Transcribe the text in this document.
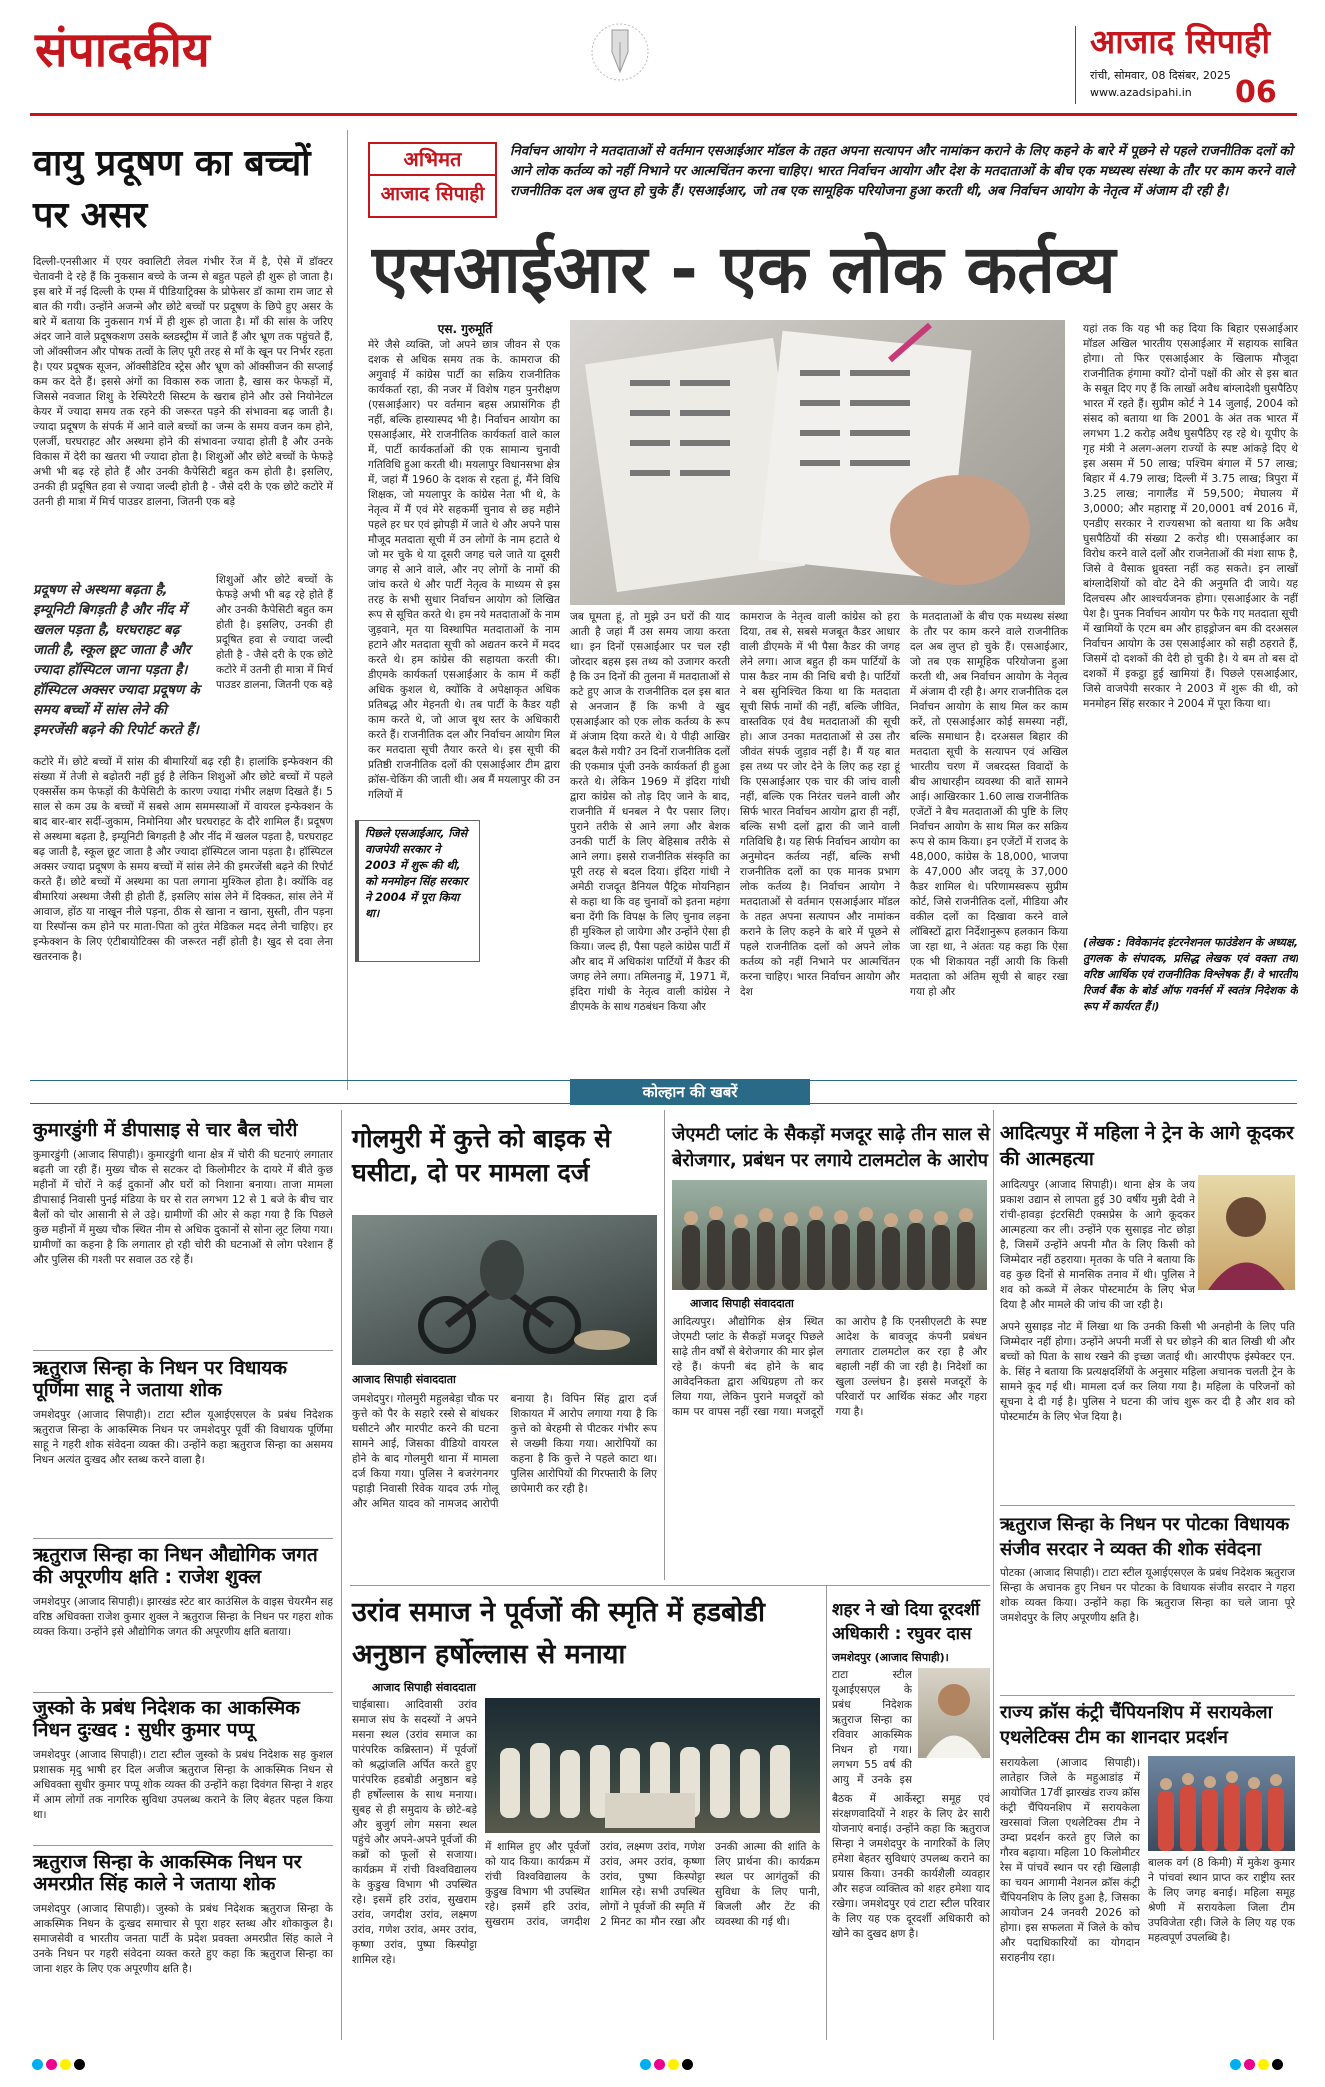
संपादकीय	आजाद सिपाही
रांची, सोमवार, 08 दिसंबर, 2025
www.azadsipahi.in 06
वायु प्रदूषण का बच्चों पर असर
दिल्ली-एनसीआर में एयर क्वालिटी लेवल गंभीर रेंज में है, ऐसे में डॉक्टर चेतावनी दे रहे हैं कि नुकसान बच्चे के जन्म से बहुत पहले ही शुरू हो जाता है। इस बारे में नई दिल्ली के एम्स में पीडियाट्रिक्स के प्रोफेसर डॉ कामा राम जाट से बात की गयी। उन्होंने अजन्मे और छोटे बच्चों पर प्रदूषण के छिपे हुए असर के बारे में बताया कि नुकसान गर्भ में ही शुरू हो जाता है। माँ की सांस के जरिए अंदर जाने वाले प्रदूषकशण उसके ब्लडस्ट्रीम में जाते हैं और भ्रूण तक पहुंचते हैं, जो ऑक्सीजन और पोषक तत्वों के लिए पूरी तरह से माँ के खून पर निर्भर रहता है। एयर प्रदूषक सूजन, ऑक्सीडेटिव स्ट्रेस और भ्रूण को ऑक्सीजन की सप्लाई कम कर देते हैं। इससे अंगों का विकास रुक जाता है, खास कर फेफड़ों में, जिससे नवजात शिशु के रेस्पिरेटरी सिस्टम के खराब होने और उसे नियोनेटल केयर में ज्यादा समय तक रहने की जरूरत पड़ने की संभावना बढ़ जाती है। ज्यादा प्रदूषण के संपर्क में आने वाले बच्चों का जन्म के समय वजन कम होने, एलर्जी, घरघराहट और अस्थमा होने की संभावना ज्यादा होती है और उनके विकास में देरी का खतरा भी ज्यादा होता है। शिशुओं और छोटे बच्चों के फेफड़े अभी भी बढ़ रहे होते हैं और उनकी कैपेसिटी बहुत कम होती है। इसलिए, उनकी ही प्रदूषित हवा से ज्यादा जल्दी होती है - जैसे दरी के एक छोटे कटोरे में उतनी ही मात्रा में मिर्च पाउडर डालना, जितनी एक बड़े
शिशुओं और छोटे बच्चों के फेफड़े अभी भी बढ़ रहे होते हैं और उनकी कैपेसिटी बहुत कम होती है। इसलिए, उनकी ही प्रदूषित हवा से ज्यादा जल्दी होती है - जैसे दरी के एक छोटे कटोरे में उतनी ही मात्रा में मिर्च पाउडर डालना, जितनी एक बड़े
प्रदूषण से अस्थमा बढ़ता है, इम्यूनिटी बिगड़ती है और नींद में खलल पड़ता है, घरघराहट बढ़ जाती है, स्कूल छूट जाता है और ज्यादा हॉस्पिटल जाना पड़ता है। हॉस्पिटल अक्सर ज्यादा प्रदूषण के समय बच्चों में सांस लेने की इमरजेंसी बढ़ने की रिपोर्ट करते हैं।
कटोरे में। छोटे बच्चों में सांस की बीमारियों बढ़ रही है। हालांकि इन्फेक्शन की संख्या में तेजी से बढ़ोतरी नहीं हुई है लेकिन शिशुओं और छोटे बच्चों में पहले एक्सर्सेस कम फेफड़ों की कैपेसिटी के कारण ज्यादा गंभीर लक्षण दिखते हैं। 5 साल से कम उम्र के बच्चों में सबसे आम सममस्याओं में वायरल इन्फेक्शन के बाद बार-बार सर्दी-जुकाम, निमोनिया और घरघराहट के दौरे शामिल हैं। प्रदूषण से अस्थमा बढ़ता है, इम्यूनिटी बिगड़ती है और नींद में खलल पड़ता है, घरघराहट बढ़ जाती है, स्कूल छूट जाता है और ज्यादा हॉस्पिटल जाना पड़ता है। हॉस्पिटल अक्सर ज्यादा प्रदूषण के समय बच्चों में सांस लेने की इमरजेंसी बढ़ने की रिपोर्ट करते हैं। छोटे बच्चों में अस्थमा का पता लगाना मुश्किल होता है। क्योंकि वह बीमारियां अस्थमा जैसी ही होती हैं, इसलिए सांस लेने में दिक्कत, सांस लेने में आवाज, होंठ या नाखून नीले पड़ना, ठीक से खाना न खाना, सुस्ती, तीन पड़ना या रिस्पॉन्स कम होने पर माता-पिता को तुरंत मेडिकल मदद लेनी चाहिए। हर इन्फेक्शन के लिए एंटीबायोटिक्स की जरूरत नहीं होती है। खुद से दवा लेना खतरनाक है।
अभिमत
आजाद सिपाही
निर्वाचन आयोग ने मतदाताओं से वर्तमान एसआईआर मॉडल के तहत अपना सत्यापन और नामांकन कराने के लिए कहने के बारे में पूछने से पहले राजनीतिक दलों को आने लोक कर्तव्य को नहीं निभाने पर आत्मचिंतन करना चाहिए। भारत निर्वाचन आयोग और देश के मतदाताओं के बीच एक मध्यस्थ संस्था के तौर पर काम करने वाले राजनीतिक दल अब लुप्त हो चुके हैं। एसआईआर, जो तब एक सामूहिक परियोजना हुआ करती थी, अब निर्वाचन आयोग के नेतृत्व में अंजाम दी रही है।
एसआईआर - एक लोक कर्तव्य
एस. गुरुमूर्ति
मेरे जैसे व्यक्ति, जो अपने छात्र जीवन से एक दशक से अधिक समय तक के. कामराज की अगुवाई में कांग्रेस पार्टी का सक्रिय राजनीतिक कार्यकर्ता रहा, की नजर में विशेष गहन पुनरीक्षण (एसआईआर) पर वर्तमान बहस अप्रासंगिक ही नहीं, बल्कि हास्यास्पद भी है। निर्वाचन आयोग का एसआईआर, मेरे राजनीतिक कार्यकर्ता वाले काल में, पार्टी कार्यकर्ताओं की एक सामान्य चुनावी गतिविधि हुआ करती थी। मयलापुर विधानसभा क्षेत्र में, जहां मैं 1960 के दशक से रहता हूं, मैंने विधि शिक्षक, जो मयलापुर के कांग्रेस नेता भी थे, के नेतृत्व में मैं एवं मेरे सहकर्मी चुनाव से छह महीने पहले हर घर एवं झोपड़ी में जाते थे और अपने पास मौजूद मतदाता सूची में उन लोगों के नाम हटाते थे जो मर चुके थे या दूसरी जगह चले जाते या दूसरी जगह से आने वाले, और नए लोगों के नामों की जांच करते थे और पार्टी नेतृत्व के माध्यम से इस तरह के सभी सुधार निर्वाचन आयोग को लिखित रूप से सूचित करते थे। हम नये मतदाताओं के नाम जुड़वाने, मृत या विस्थापित मतदाताओं के नाम हटाने और मतदाता सूची को अद्यतन करने में मदद करते थे। हम कांग्रेस की सहायता करती की। डीएमके कार्यकर्ता एसआईआर के काम में कहीं अधिक कुशल थे, क्योंकि वे अपेक्षाकृत अधिक प्रतिबद्ध और मेहनती थे। तब पार्टी के कैडर यही काम करते थे, जो आज बूथ स्तर के अधिकारी करते हैं। राजनीतिक दल और निर्वाचन आयोग मिल कर मतदाता सूची तैयार करते थे। इस सूची की प्रतिष्ठी राजनीतिक दलों की एसआईआर टीम द्वारा क्रॉस-चेकिंग की जाती थी। अब मैं मयलापुर की उन गलियों में
जब घूमता हूं, तो मुझे उन घरों की याद आती है जहां मैं उस समय जाया करता था। इन दिनों एसआईआर पर चल रही जोरदार बहस इस तथ्य को उजागर करती है कि उन दिनों की तुलना में मतदाताओं से कटे हुए आज के राजनीतिक दल इस बात से अनजान हैं कि कभी वे खुद एसआईआर को एक लोक कर्तव्य के रूप में अंजाम दिया करते थे। ये पीढ़ी आखिर बदल कैसे गयी? उन दिनों राजनीतिक दलों की एकमात्र पूंजी उनके कार्यकर्ता ही हुआ करते थे। लेकिन 1969 में इंदिरा गांधी द्वारा कांग्रेस को तोड़ दिए जाने के बाद, राजनीति में धनबल ने पैर पसार लिए। पुराने तरीके से आने लगा और बेशक उनकी पार्टी के लिए बेहिसाब तरीके से आने लगा। इससे राजनीतिक संस्कृति का पूरी तरह से बदल दिया। इंदिरा गांधी ने अमेठी राजदूत डैनियल पैट्रिक मोयनिहान से कहा था कि वह चुनावों को इतना महंगा बना देंगी कि विपक्ष के लिए चुनाव लड़ना ही मुश्किल हो जायेगा और उन्होंने ऐसा ही किया। जल्द ही, पैसा पहले कांग्रेस पार्टी में और बाद में अधिकांश पार्टियों में कैडर की जगह लेने लगा। तमिलनाडु में, 1971 में, इंदिरा गांधी के नेतृत्व वाली कांग्रेस ने डीएमके के साथ गठबंधन किया और
कामराज के नेतृत्व वाली कांग्रेस को हरा दिया, तब से, सबसे मजबूत कैडर आधार वाली डीएमके में भी पैसा कैडर की जगह लेने लगा। आज बहुत ही कम पार्टियों के पास कैडर नाम की निधि बची है। पार्टियों ने बस सुनिश्चित किया था कि मतदाता सूची सिर्फ नामों की नहीं, बल्कि जीवित, वास्तविक एवं वैध मतदाताओं की सूची हो। आज उनका मतदाताओं से उस तौर जीवंत संपर्क जुड़ाव नहीं है। मैं यह बात इस तथ्य पर जोर देने के लिए कह रहा हूं कि एसआईआर एक चार की जांच वाली नहीं, बल्कि एक निरंतर चलने वाली और सिर्फ भारत निर्वाचन आयोग द्वारा ही नहीं, बल्कि सभी दलों द्वारा की जाने वाली गतिविधि है। यह सिर्फ निर्वाचन आयोग का अनुमोदन कर्तव्य नहीं, बल्कि सभी राजनीतिक दलों का एक मानक प्रभाग लोक कर्तव्य है। निर्वाचन आयोग ने मतदाताओं से वर्तमान एसआईआर मॉडल के तहत अपना सत्यापन और नामांकन कराने के लिए कहने के बारे में पूछने से पहले राजनीतिक दलों को अपने लोक कर्तव्य को नहीं निभाने पर आत्मचिंतन करना चाहिए। भारत निर्वाचन आयोग और देश
के मतदाताओं के बीच एक मध्यस्थ संस्था के तौर पर काम करने वाले राजनीतिक दल अब लुप्त हो चुके हैं। एसआईआर, जो तब एक सामूहिक परियोजना हुआ करती थी, अब निर्वाचन आयोग के नेतृत्व में अंजाम दी रही है। अगर राजनीतिक दल निर्वाचन आयोग के साथ मिल कर काम करें, तो एसआईआर कोई समस्या नहीं, बल्कि समाधान है। दरअसल बिहार की मतदाता सूची के सत्यापन एवं अखिल भारतीय चरण में जबरदस्त विवादों के बीच आधारहीन व्यवस्था की बातें सामने आई। आखिरकार 1.60 लाख राजनीतिक एजेंटों ने बैच मतदाताओं की पुष्टि के लिए निर्वाचन आयोग के साथ मिल कर सक्रिय रूप से काम किया। इन एजेंटों में राजद के 48,000, कांग्रेस के 18,000, भाजपा के 47,000 और जदयू के 37,000 कैडर शामिल थे। परिणामस्वरूप सुप्रीम कोर्ट, जिसे राजनीतिक दलों, मीडिया और वकील दलों का दिखावा करने वाले लॉबिस्टों द्वारा निर्देशानुरूप हलकान किया जा रहा था, ने अंततः यह कहा कि ऐसा एक भी शिकायत नहीं आयी कि किसी मतदाता को अंतिम सूची से बाहर रखा गया हो और
यहां तक कि यह भी कह दिया कि बिहार एसआईआर मॉडल अखिल भारतीय एसआईआर में सहायक साबित होगा। तो फिर एसआईआर के खिलाफ मौजूदा राजनीतिक हंगामा क्यों? दोनों पक्षों की ओर से इस बात के सबूत दिए गए हैं कि लाखों अवैध बांग्लादेशी घुसपैठिए भारत में रहते हैं। सुप्रीम कोर्ट ने 14 जुलाई, 2004 को संसद को बताया था कि 2001 के अंत तक भारत में लगभग 1.2 करोड़ अवैध घुसपैठिए रह रहे थे। यूपीए के गृह मंत्री ने अलग-अलग राज्यों के स्पष्ट आंकड़े दिए थे इस असम में 50 लाख; पश्चिम बंगाल में 57 लाख; बिहार में 4.79 लाख; दिल्ली में 3.75 लाख; त्रिपुरा में 3.25 लाख; नागालैंड में 59,500; मेघालय में 3,0000; और महाराष्ट्र में 20,0001 वर्ष 2016 में, एनडीए सरकार ने राज्यसभा को बताया था कि अवैध घुसपैठियों की संख्या 2 करोड़ थी। एसआईआर का विरोध करने वाले दलों और राजनेताओं की मंशा साफ है, जिसे वे वैसाक ध्रुवस्ता नहीं कह सकते। इन लाखों बांग्लादेशियों को वोट देने की अनुमति दी जाये। यह दिलचस्प और आश्चर्यजनक होगा। एसआईआर के नहीं पेश है। पुनक निर्वाचन आयोग पर फैके गए मतदाता सूची में खामियों के एटम बम और हाइड्रोजन बम की दरअसल निर्वाचन आयोग के उस एसआईआर को सही ठहराते हैं, जिसमें दो दशकों की देरी हो चुकी है। ये बम तो बस दो दशकों में इकट्ठा हुई खामियां हैं। पिछले एसआईआर, जिसे वाजपेयी सरकार ने 2003 में शुरू की थी, को मनमोहन सिंह सरकार ने 2004 में पूरा किया था।
(लेखक : विवेकानंद इंटरनेशनल फाउंडेशन के अध्यक्ष, तुगलक के संपादक, प्रसिद्ध लेखक एवं वक्ता तथा वरिष्ठ आर्थिक एवं राजनीतिक विश्लेषक हैं। वे भारतीय रिजर्व बैंक के बोर्ड ऑफ गवर्नर्स में स्वतंत्र निदेशक के रूप में कार्यरत हैं।)
पिछले एसआईआर, जिसे वाजपेयी सरकार ने 2003 में शुरू की थी, को मनमोहन सिंह सरकार ने 2004 में पूरा किया था।
कोल्हान की खबरें
कुमारडुंगी में डीपासाइ से चार बैल चोरी
कुमारडुंगी (आजाद सिपाही)। कुमारडुंगी थाना क्षेत्र में चोरी की घटनाएं लगातार बढ़ती जा रही हैं। मुख्य चौक से सटकर दो किलोमीटर के दायरे में बीते कुछ महीनों में चोरों ने कई दुकानों और घरों को निशाना बनाया। ताजा मामला डीपासाई निवासी पुनई मंडिया के घर से रात लगभग 12 से 1 बजे के बीच चार बैलों को चोर आसानी से ले उड़े। ग्रामीणों की ओर से कहा गया है कि पिछले कुछ महीनों में मुख्य चौक स्थित नीम से अधिक दुकानों से सोना लूट लिया गया। ग्रामीणों का कहना है कि लगातार हो रही चोरी की घटनाओं से लोग परेशान हैं और पुलिस की गश्ती पर सवाल उठ रहे हैं।
ऋतुराज सिन्हा के निधन पर विधायक पूर्णिमा साहू ने जताया शोक
जमशेदपुर (आजाद सिपाही)। टाटा स्टील यूआईएसएल के प्रबंध निदेशक ऋतुराज सिन्हा के आकस्मिक निधन पर जमशेदपुर पूर्वी की विधायक पूर्णिमा साहू ने गहरी शोक संवेदना व्यक्त की। उन्होंने कहा ऋतुराज सिन्हा का असमय निधन अत्यंत दुःखद और स्तब्ध करने वाला है।
ऋतुराज सिन्हा का निधन औद्योगिक जगत की अपूरणीय क्षति : राजेश शुक्ल
जमशेदपुर (आजाद सिपाही)। झारखंड स्टेट बार काउंसिल के वाइस चेयरमैन सह वरिष्ठ अधिवक्ता राजेश कुमार शुक्ल ने ऋतुराज सिन्हा के निधन पर गहरा शोक व्यक्त किया। उन्होंने इसे औद्योगिक जगत की अपूरणीय क्षति बताया।
जुस्को के प्रबंध निदेशक का आकस्मिक निधन दुःखद : सुधीर कुमार पप्पू
जमशेदपुर (आजाद सिपाही)। टाटा स्टील जुस्को के प्रबंध निदेशक सह कुशल प्रशासक मृदु भाषी हर दिल अजीज ऋतुराज सिन्हा के आकस्मिक निधन से अधिवक्ता सुधीर कुमार पप्पू शोक व्यक्त की उन्होंने कहा दिवंगत सिन्हा ने शहर में आम लोगों तक नागरिक सुविधा उपलब्ध कराने के लिए बेहतर पहल किया था।
ऋतुराज सिन्हा के आकस्मिक निधन पर अमरप्रीत सिंह काले ने जताया शोक
जमशेदपुर (आजाद सिपाही)। जुस्को के प्रबंध निदेशक ऋतुराज सिन्हा के आकस्मिक निधन के दुःखद समाचार से पूरा शहर स्तब्ध और शोकाकुल है। समाजसेवी व भारतीय जनता पार्टी के प्रदेश प्रवक्ता अमरप्रीत सिंह काले ने उनके निधन पर गहरी संवेदना व्यक्त करते हुए कहा कि ऋतुराज सिन्हा का जाना शहर के लिए एक अपूरणीय क्षति है।
गोलमुरी में कुत्ते को बाइक से घसीटा, दो पर मामला दर्ज
आजाद सिपाही संवाददाता
जमशेदपुर। गोलमुरी महुलबेड़ा चौक पर कुत्ते को पैर के सहारे रस्से से बांधकर घसीटने और मारपीट करने की घटना सामने आई, जिसका वीडियो वायरल होने के बाद गोलमुरी थाना में मामला दर्ज किया गया। पुलिस ने बजरंगनगर पहाड़ी निवासी रिवेक यादव उर्फ गोलू और अमित यादव को नामजद आरोपी बनाया है। विपिन सिंह द्वारा दर्ज शिकायत में आरोप लगाया गया है कि कुत्ते को बेरहमी से पीटकर गंभीर रूप से जख्मी किया गया। आरोपियों का कहना है कि कुत्ते ने पहले काटा था। पुलिस आरोपियों की गिरफ्तारी के लिए छापेमारी कर रही है।
जेएमटी प्लांट के सैकड़ों मजदूर साढ़े तीन साल से बेरोजगार, प्रबंधन पर लगाये टालमटोल के आरोप
आजाद सिपाही संवाददाता
आदित्यपुर। औद्योगिक क्षेत्र स्थित जेएमटी प्लांट के सैकड़ों मजदूर पिछले साढ़े तीन वर्षों से बेरोजगार की मार झेल रहे हैं। कंपनी बंद होने के बाद आवेदनिकता द्वारा अधिग्रहण तो कर लिया गया, लेकिन पुराने मजदूरों को काम पर वापस नहीं रखा गया। मजदूरों का आरोप है कि एनसीएलटी के स्पष्ट आदेश के बावजूद कंपनी प्रबंधन लगातार टालमटोल कर रहा है और बहाली नहीं की जा रही है। निदेशों का खुला उल्लंघन है। इससे मजदूरों के परिवारों पर आर्थिक संकट और गहरा गया है।
उरांव समाज ने पूर्वजों की स्मृति में हडबोडी अनुष्ठान हर्षोल्लास से मनाया
आजाद सिपाही संवाददाता
चाईबासा। आदिवासी उरांव समाज संघ के सदस्यों ने अपने मसना स्थल (उरांव समाज का पारंपरिक कब्रिस्तान) में पूर्वजों को श्रद्धांजलि अर्पित करते हुए पारंपरिक हडबोडी अनुष्ठान बड़े ही हर्षोल्लास के साथ मनाया। सुबह से ही समुदाय के छोटे-बड़े और बुजुर्ग लोग मसना स्थल पहुंचे और अपने-अपने पूर्वजों की कब्रों को फूलों से सजाया। कार्यक्रम में रांची विश्वविद्यालय के कुडुख विभाग भी उपस्थित रहे। इसमें हरि उरांव, सुखराम उरांव, जगदीश उरांव, लक्ष्मण उरांव, गणेश उरांव, अमर उरांव, कृष्णा उरांव, पुष्पा किस्पोट्टा शामिल रहे।
में शामिल हुए और पूर्वजों को याद किया। कार्यक्रम में रांची विश्वविद्यालय के कुडुख विभाग भी उपस्थित रहे। इसमें हरि उरांव, सुखराम उरांव, जगदीश उरांव, लक्ष्मण उरांव, गणेश उरांव, अमर उरांव, कृष्णा उरांव, पुष्पा किस्पोट्टा शामिल रहे। सभी उपस्थित लोगों ने पूर्वजों की स्मृति में 2 मिनट का मौन रखा और उनकी आत्मा की शांति के लिए प्रार्थना की। कार्यक्रम स्थल पर आगंतुकों की सुविधा के लिए पानी, बिजली और टेंट की व्यवस्था की गई थी।
शहर ने खो दिया दूरदर्शी अधिकारी : रघुवर दास
जमशेदपुर (आजाद सिपाही)।
टाटा स्टील यूआईएसएल के प्रबंध निदेशक ऋतुराज सिन्हा का रविवार आकस्मिक निधन हो गया। लगभग 55 वर्ष की आयु में उनके इस
बैठक में आर्केस्ट्रा समूह एवं संरक्षणवादियों ने शहर के लिए ढेर सारी योजनाएं बनाई। उन्होंने कहा कि ऋतुराज सिन्हा ने जमशेदपुर के नागरिकों के लिए हमेशा बेहतर सुविधाएं उपलब्ध कराने का प्रयास किया। उनकी कार्यशैली व्यवहार और सहज व्यक्तित्व को शहर हमेशा याद रखेगा। जमशेदपुर एवं टाटा स्टील परिवार के लिए यह एक दूरदर्शी अधिकारी को खोने का दुखद क्षण है।
आदित्यपुर में महिला ने ट्रेन के आगे कूदकर की आत्महत्या
आदित्यपुर (आजाद सिपाही)। थाना क्षेत्र के जय प्रकाश उद्यान से लापता हुई 30 वर्षीय मुन्नी देवी ने रांची-हावड़ा इंटरसिटी एक्सप्रेस के आगे कूदकर आत्महत्या कर ली। उन्होंने एक सुसाइड नोट छोड़ा है, जिसमें उन्होंने अपनी मौत के लिए किसी को जिम्मेदार नहीं ठहराया। मृतका के पति ने बताया कि वह कुछ दिनों से मानसिक तनाव में थी। पुलिस ने शव को कब्जे में लेकर पोस्टमार्टम के लिए भेज दिया है और मामले की जांच की जा रही है।
अपने सुसाइड नोट में लिखा था कि उनकी किसी भी अनहोनी के लिए पति जिम्मेदार नहीं होगा। उन्होंने अपनी मर्जी से घर छोड़ने की बात लिखी थी और बच्चों को पिता के साथ रखने की इच्छा जताई थी। आरपीएफ इंस्पेक्टर एन. के. सिंह ने बताया कि प्रत्यक्षदर्शियों के अनुसार महिला अचानक चलती ट्रेन के सामने कूद गई थी। मामला दर्ज कर लिया गया है। महिला के परिजनों को सूचना दे दी गई है। पुलिस ने घटना की जांच शुरू कर दी है और शव को पोस्टमार्टम के लिए भेज दिया है।
ऋतुराज सिन्हा के निधन पर पोटका विधायक संजीव सरदार ने व्यक्त की शोक संवेदना
पोटका (आजाद सिपाही)। टाटा स्टील यूआईएसएल के प्रबंध निदेशक ऋतुराज सिन्हा के अचानक हुए निधन पर पोटका के विधायक संजीव सरदार ने गहरा शोक व्यक्त किया। उन्होंने कहा कि ऋतुराज सिन्हा का चले जाना पूरे जमशेदपुर के लिए अपूरणीय क्षति है।
राज्य क्रॉस कंट्री चैंपियनशिप में सरायकेला एथलेटिक्स टीम का शानदार प्रदर्शन
सरायकेला (आजाद सिपाही)। लातेहार जिले के महुआडांड़ में आयोजित 17वीं झारखंड राज्य क्रॉस कंट्री चैंपियनशिप में सरायकेला खरसावां जिला एथलेटिक्स टीम ने उम्दा प्रदर्शन करते हुए जिले का गौरव बढ़ाया। महिला 10 किलोमीटर रेस में पांचवें स्थान पर रही खिलाड़ी का चयन आगामी नेशनल क्रॉस कंट्री चैंपियनशिप के लिए हुआ है, जिसका आयोजन 24 जनवरी 2026 को होगा। इस सफलता में जिले के कोच और पदाधिकारियों का योगदान सराहनीय रहा।
बालक वर्ग (8 किमी) में मुकेश कुमार ने पांचवां स्थान प्राप्त कर राष्ट्रीय स्तर के लिए जगह बनाई। महिला समूह श्रेणी में सरायकेला जिला टीम उपविजेता रही। जिले के लिए यह एक महत्वपूर्ण उपलब्धि है।
